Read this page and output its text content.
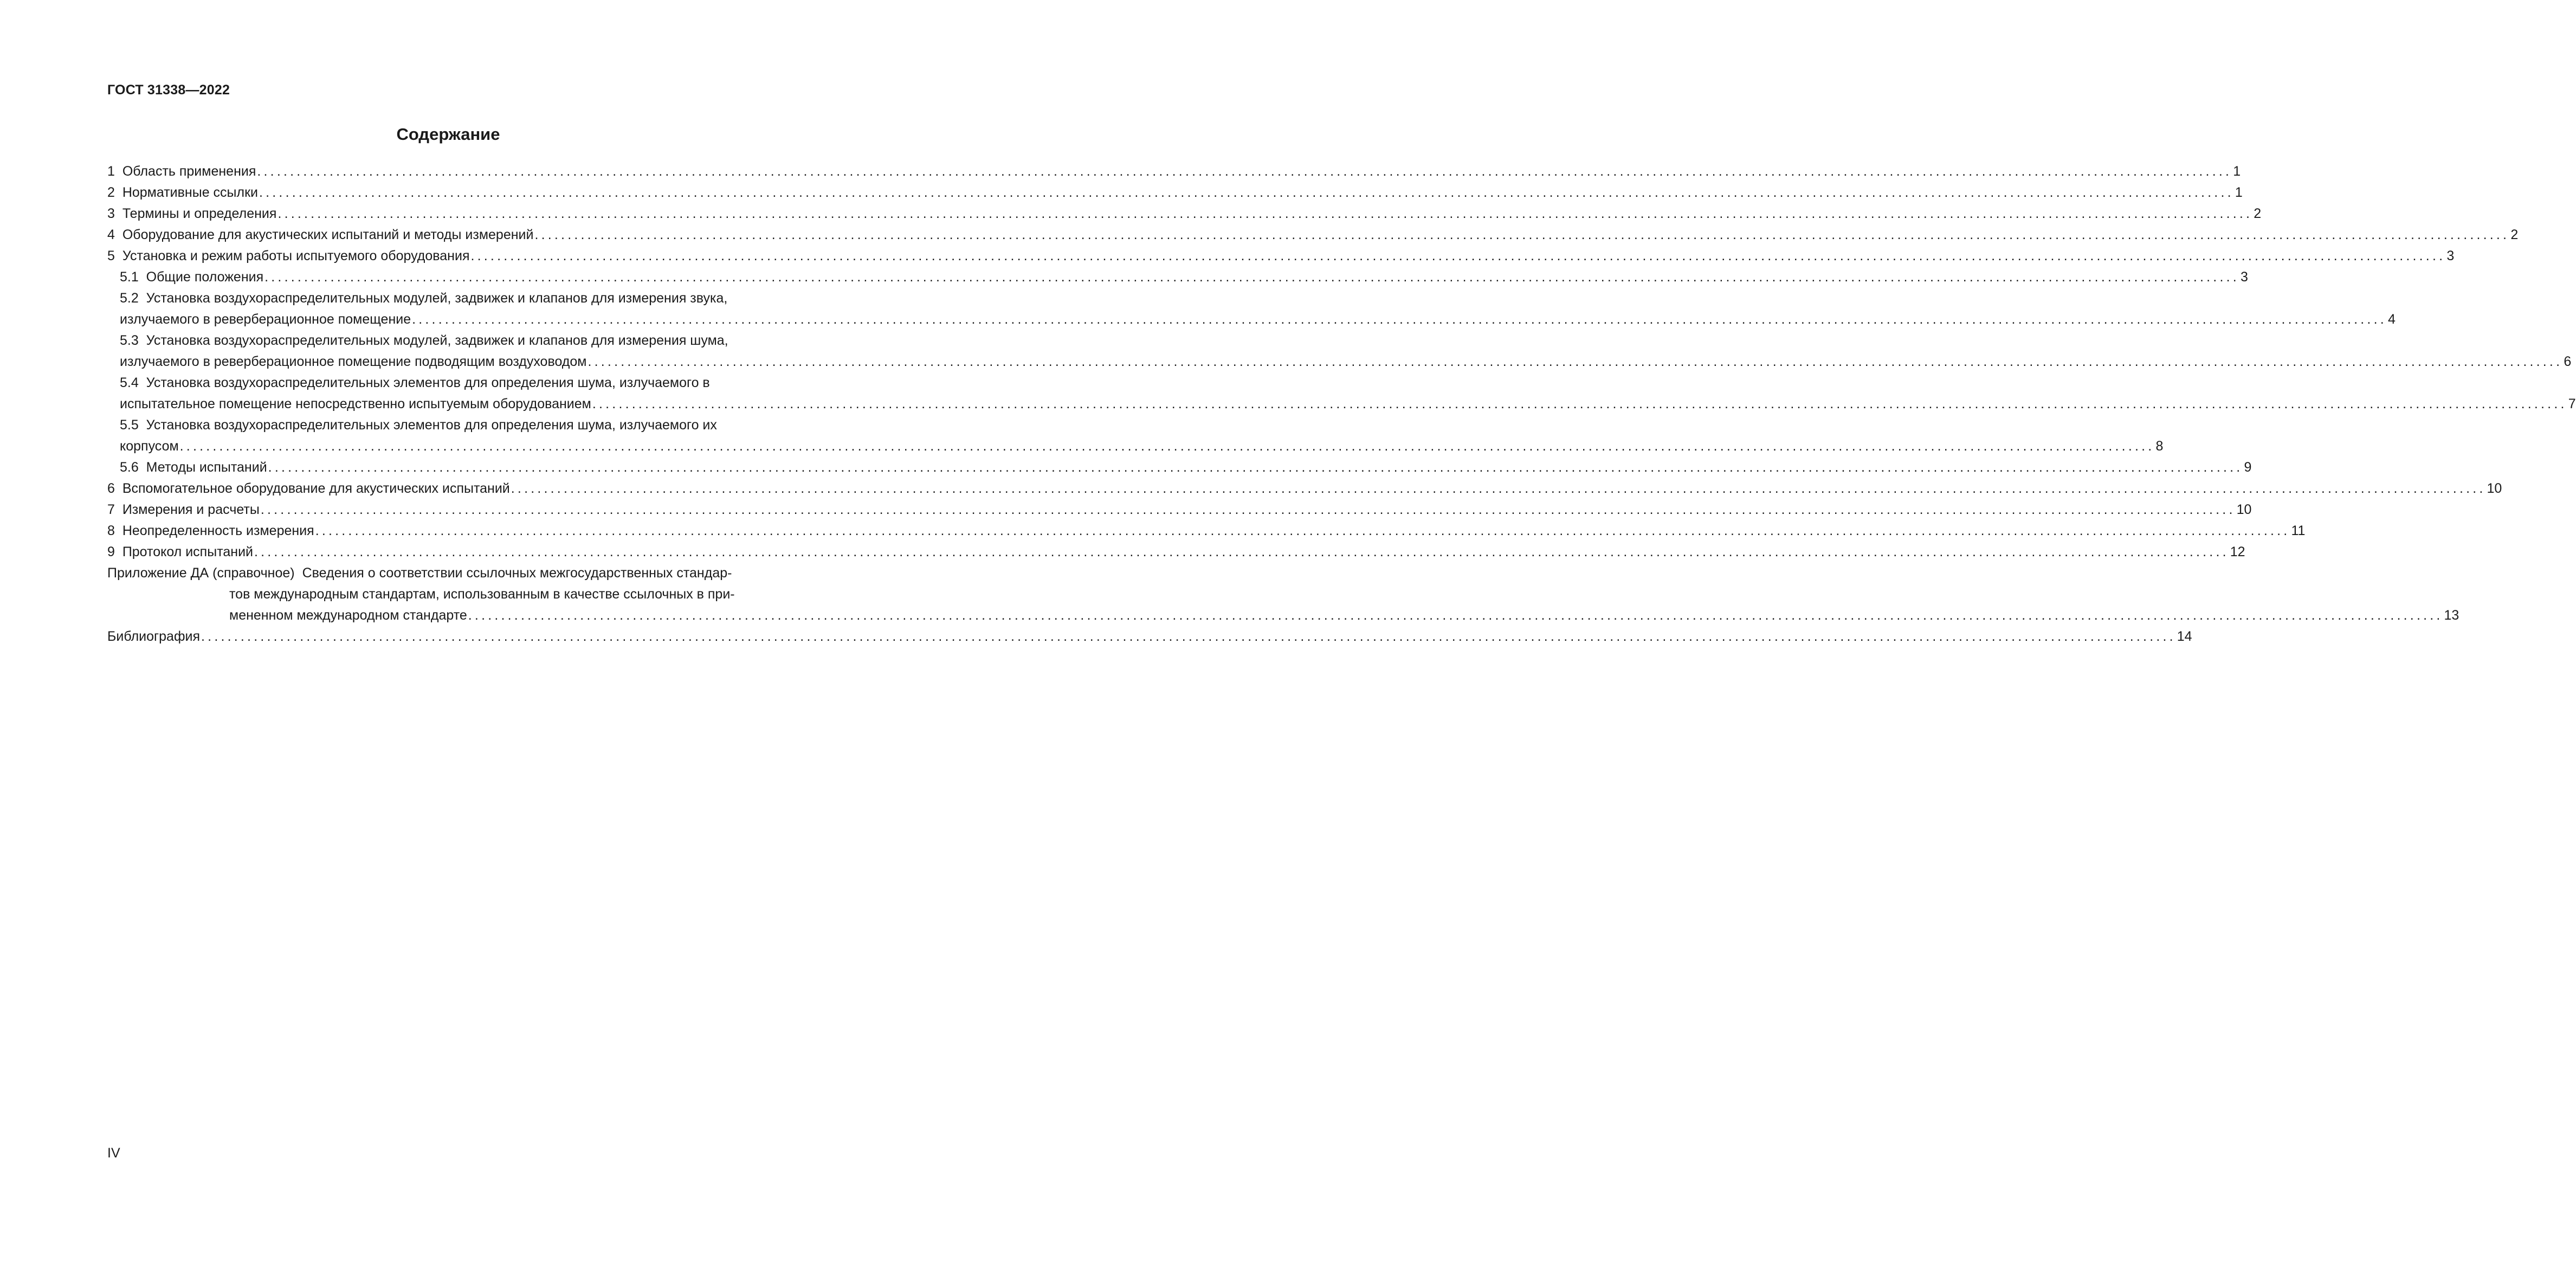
ГОСТ 31338—2022
Содержание
1
Область применения ............................................................................................................................................................................................................................................................................................................ 1
2
Нормативные ссылки ............................................................................................................................................................................................................................................................................................................ 1
3
Термины и определения ............................................................................................................................................................................................................................................................................................................ 2
4
Оборудование для акустических испытаний и методы измерений ............................................................................................................................................................................................................................................................................................................ 2
5
Установка и режим работы испытуемого оборудования ............................................................................................................................................................................................................................................................................................................ 3
5.1
Общие положения ............................................................................................................................................................................................................................................................................................................ 3
5.2 Установка воздухораспределительных модулей, задвижек и клапанов для измерения звука,
излучаемого в реверберационное помещение ............................................................................................................................................................................................................................................................................................................ 4
5.3 Установка воздухораспределительных модулей, задвижек и клапанов для измерения шума,
излучаемого в реверберационное помещение подводящим воздуховодом ............................................................................................................................................................................................................................................................................................................ 6
5.4 Установка воздухораспределительных элементов для определения шума, излучаемого в
испытательное помещение непосредственно испытуемым оборудованием ............................................................................................................................................................................................................................................................................................................ 7
5.5 Установка воздухораспределительных элементов для определения шума, излучаемого их
корпусом ............................................................................................................................................................................................................................................................................................................ 8
5.6
Методы испытаний ............................................................................................................................................................................................................................................................................................................ 9
6
Вспомогательное оборудование для акустических испытаний ............................................................................................................................................................................................................................................................................................................ 10
7
Измерения и расчеты ............................................................................................................................................................................................................................................................................................................ 10
8
Неопределенность измерения ............................................................................................................................................................................................................................................................................................................ 11
9
Протокол испытаний ............................................................................................................................................................................................................................................................................................................ 12
Приложение ДА (справочное) Сведения о соответствии ссылочных межгосударственных стандар-
тов международным стандартам, использованным в качестве ссылочных в при-
мененном международном стандарте ............................................................................................................................................................................................................................................................................................................ 13
Библиография ............................................................................................................................................................................................................................................................................................................ 14
IV
